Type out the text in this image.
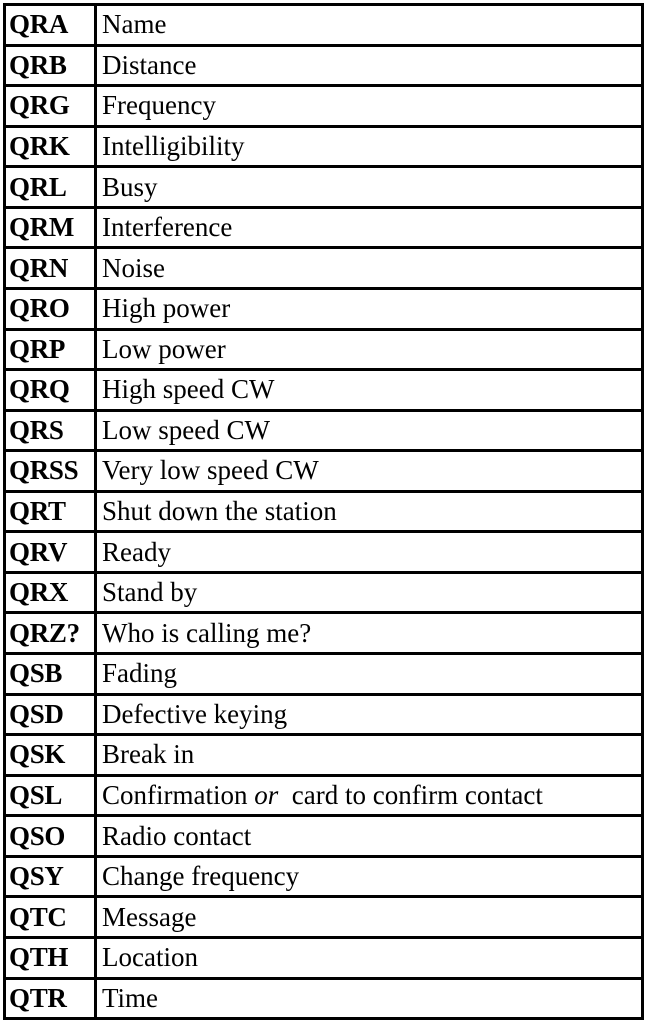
QRA	Name
QRB	Distance
QRG	Frequency
QRK	Intelligibility
QRL	Busy
QRM	Interference
QRN	Noise
QRO	High power
QRP	Low power
QRQ	High speed CW
QRS	Low speed CW
QRSS Very low speed CW
QRT	Shut down the station
QRV	Ready
QRX	Stand by
QRZ? Who is calling me?
QSB	Fading
QSD	Defective keying
QSK	Break in
QSL	Confirmation
or
card to confirm contact
QSO	Radio contact
QSY	Change frequency
QTC	Message
QTH	Location
QTR	Time
